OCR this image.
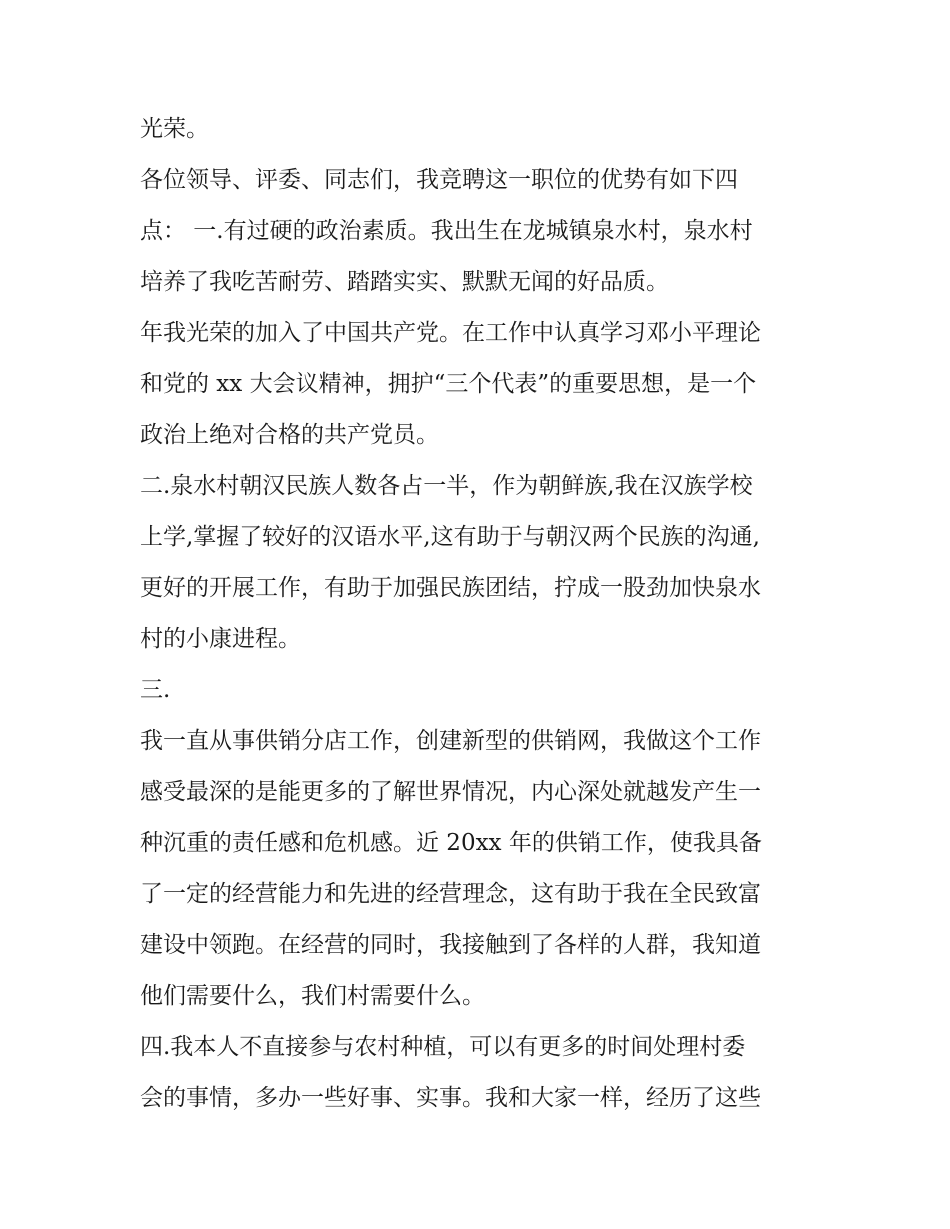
光荣。
各位领导、评委、同志们，我竞聘这一职位的优势有如下四
点： 一.有过硬的政治素质。我出生在龙城镇泉水村，泉水村
培养了我吃苦耐劳、踏踏实实、默默无闻的好品质。
年我光荣的加入了中国共产党。在工作中认真学习邓小平理论
和党的 xx 大会议精神，拥护“三个代表”的重要思想，是一个
政治上绝对合格的共产党员。
二.泉水村朝汉民族人数各占一半，作为朝鲜族,我在汉族学校
上学,掌握了较好的汉语水平,这有助于与朝汉两个民族的沟通,
更好的开展工作，有助于加强民族团结，拧成一股劲加快泉水
村的小康进程。
三.
我一直从事供销分店工作，创建新型的供销网，我做这个工作
感受最深的是能更多的了解世界情况，内心深处就越发产生一
种沉重的责任感和危机感。近 20xx 年的供销工作，使我具备
了一定的经营能力和先进的经营理念，这有助于我在全民致富
建设中领跑。在经营的同时，我接触到了各样的人群，我知道
他们需要什么，我们村需要什么。
四.我本人不直接参与农村种植，可以有更多的时间处理村委
会的事情，多办一些好事、实事。我和大家一样，经历了这些
